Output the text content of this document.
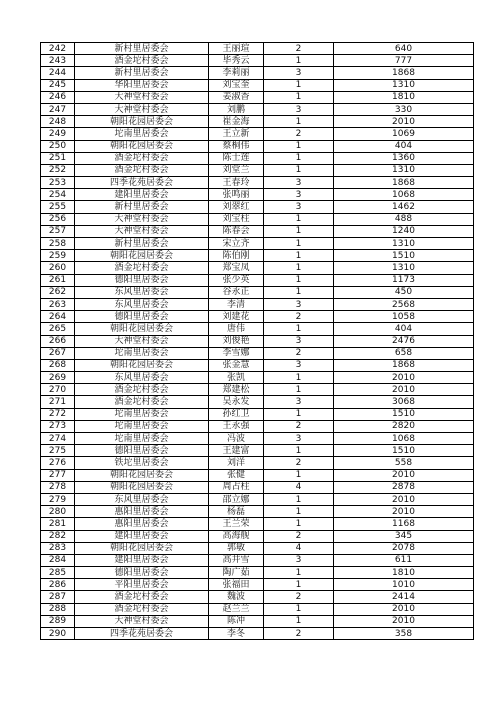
242	新村里居委会	王丽瑄	2	640
243	酒金坨村委会	毕秀云	1	777
244	新村里居委会	李莉丽	3	1868
245	华阳里居委会	刘宝奎	1	1310
246	大神堂村委会	姜淑香	1	1810
247	大神堂村委会	刘鹏	3	330
248	朝阳花园居委会	崔金海	1	2010
249	坨南里居委会	王立新	2	1069
250	朝阳花园居委会	蔡桐伟	1	404
251	酒金坨村委会	陈士莲	1	1360
252	酒金坨村委会	刘堂兰	1	1310
253	四季花苑居委会	王春玲	3	1868
254	建阳里居委会	张鸣丽	3	1068
255	新村里居委会	刘翠红	3	1462
256	大神堂村委会	刘宝柱	1	488
257	大神堂村委会	陈春会	1	1240
258	新村里居委会	宋立齐	1	1310
259	朝阳花园居委会	陈伯刚	1	1510
260	酒金坨村委会	郑宝凤	1	1310
261	德阳里居委会	张少英	1	1173
262	东风里居委会	谷永正	1	450
263	东风里居委会	李清	3	2568
264	德阳里居委会	刘建花	2	1058
265	朝阳花园居委会	唐伟	1	404
266	大神堂村委会	刘俊艳	3	2476
267	坨南里居委会	李雪娜	2	658
268	朝阳花园居委会	张金慧	3	1868
269	东风里居委会	张凯	1	2010
270	酒金坨村委会	郑建松	1	2010
271	酒金坨村委会	吴永发	3	3068
272	坨南里居委会	孙红卫	1	1510
273	坨南里居委会	王永强	2	2820
274	坨南里居委会	冯波	3	1068
275	德阳里居委会	王建富	1	1510
276	铁坨里居委会	刘洋	2	558
277	朝阳花园居委会	张健	1	2010
278	朝阳花园居委会	周占柱	4	2878
279	东风里居委会	邵立娜	1	2010
280	惠阳里居委会	杨磊	1	2010
281	惠阳里居委会	王兰荣	1	1168
282	建阳里居委会	高海舰	2	345
283	朝阳花园居委会	郭敏	4	2078
284	建阳里居委会	高井雪	3	611
285	德阳里居委会	陶广茹	1	1810
286	平阳里居委会	张福田	1	1010
287	酒金坨村委会	魏波	2	2414
288	酒金坨村委会	赵兰兰	1	2010
289	大神堂村委会	陈冲	1	2010
290	四季花苑居委会	李冬	2	358
